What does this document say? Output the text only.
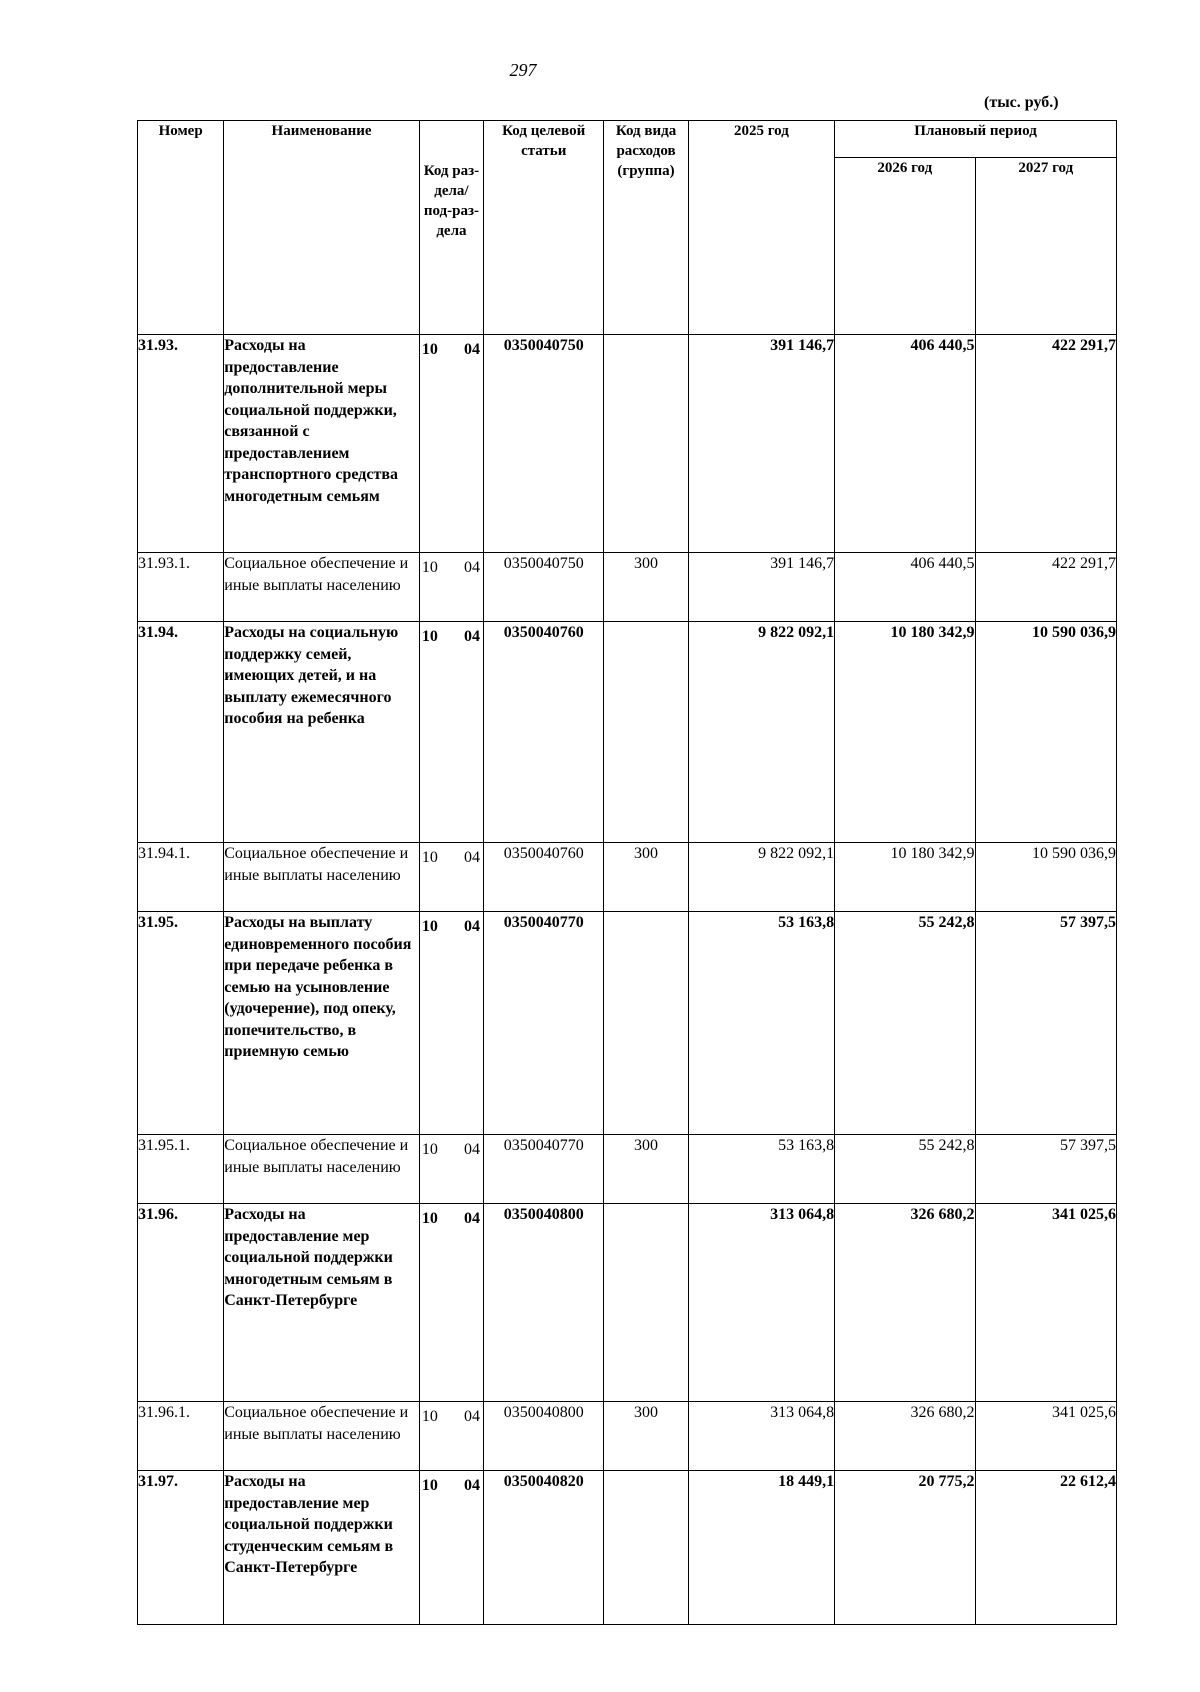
297
(тыс. руб.)
Номер	Наименование	Код раз-дела/ под-раз-дела	Код целевой статьи	Код вида расходов (группа)	2025 год	Плановый период	
						2026 год	2027 год
31.93.	Расходы на предоставление дополнительной меры социальной поддержки, связанной с предоставлением транспортного средства многодетным семьям	10 04	0350040750		391 146,7	406 440,5	422 291,7
31.93.1.	Социальное обеспечение и иные выплаты населению	10 04	0350040750	300	391 146,7	406 440,5	422 291,7
31.94.	Расходы на социальную поддержку семей, имеющих детей, и на выплату ежемесячного пособия на ребенка	10 04	0350040760		9 822 092,1	10 180 342,9	10 590 036,9
31.94.1.	Социальное обеспечение и иные выплаты населению	10 04	0350040760	300	9 822 092,1	10 180 342,9	10 590 036,9
31.95.	Расходы на выплату единовременного пособия при передаче ребенка в семью на усыновление (удочерение), под опеку, попечительство, в приемную семью	10 04	0350040770		53 163,8	55 242,8	57 397,5
31.95.1.	Социальное обеспечение и иные выплаты населению	10 04	0350040770	300	53 163,8	55 242,8	57 397,5
31.96.	Расходы на предоставление мер социальной поддержки многодетным семьям в Санкт-Петербурге	10 04	0350040800		313 064,8	326 680,2	341 025,6
31.96.1.	Социальное обеспечение и иные выплаты населению	10 04	0350040800	300	313 064,8	326 680,2	341 025,6
31.97.	Расходы на предоставление мер социальной поддержки студенческим семьям в Санкт-Петербурге	10 04	0350040820		18 449,1	20 775,2	22 612,4
